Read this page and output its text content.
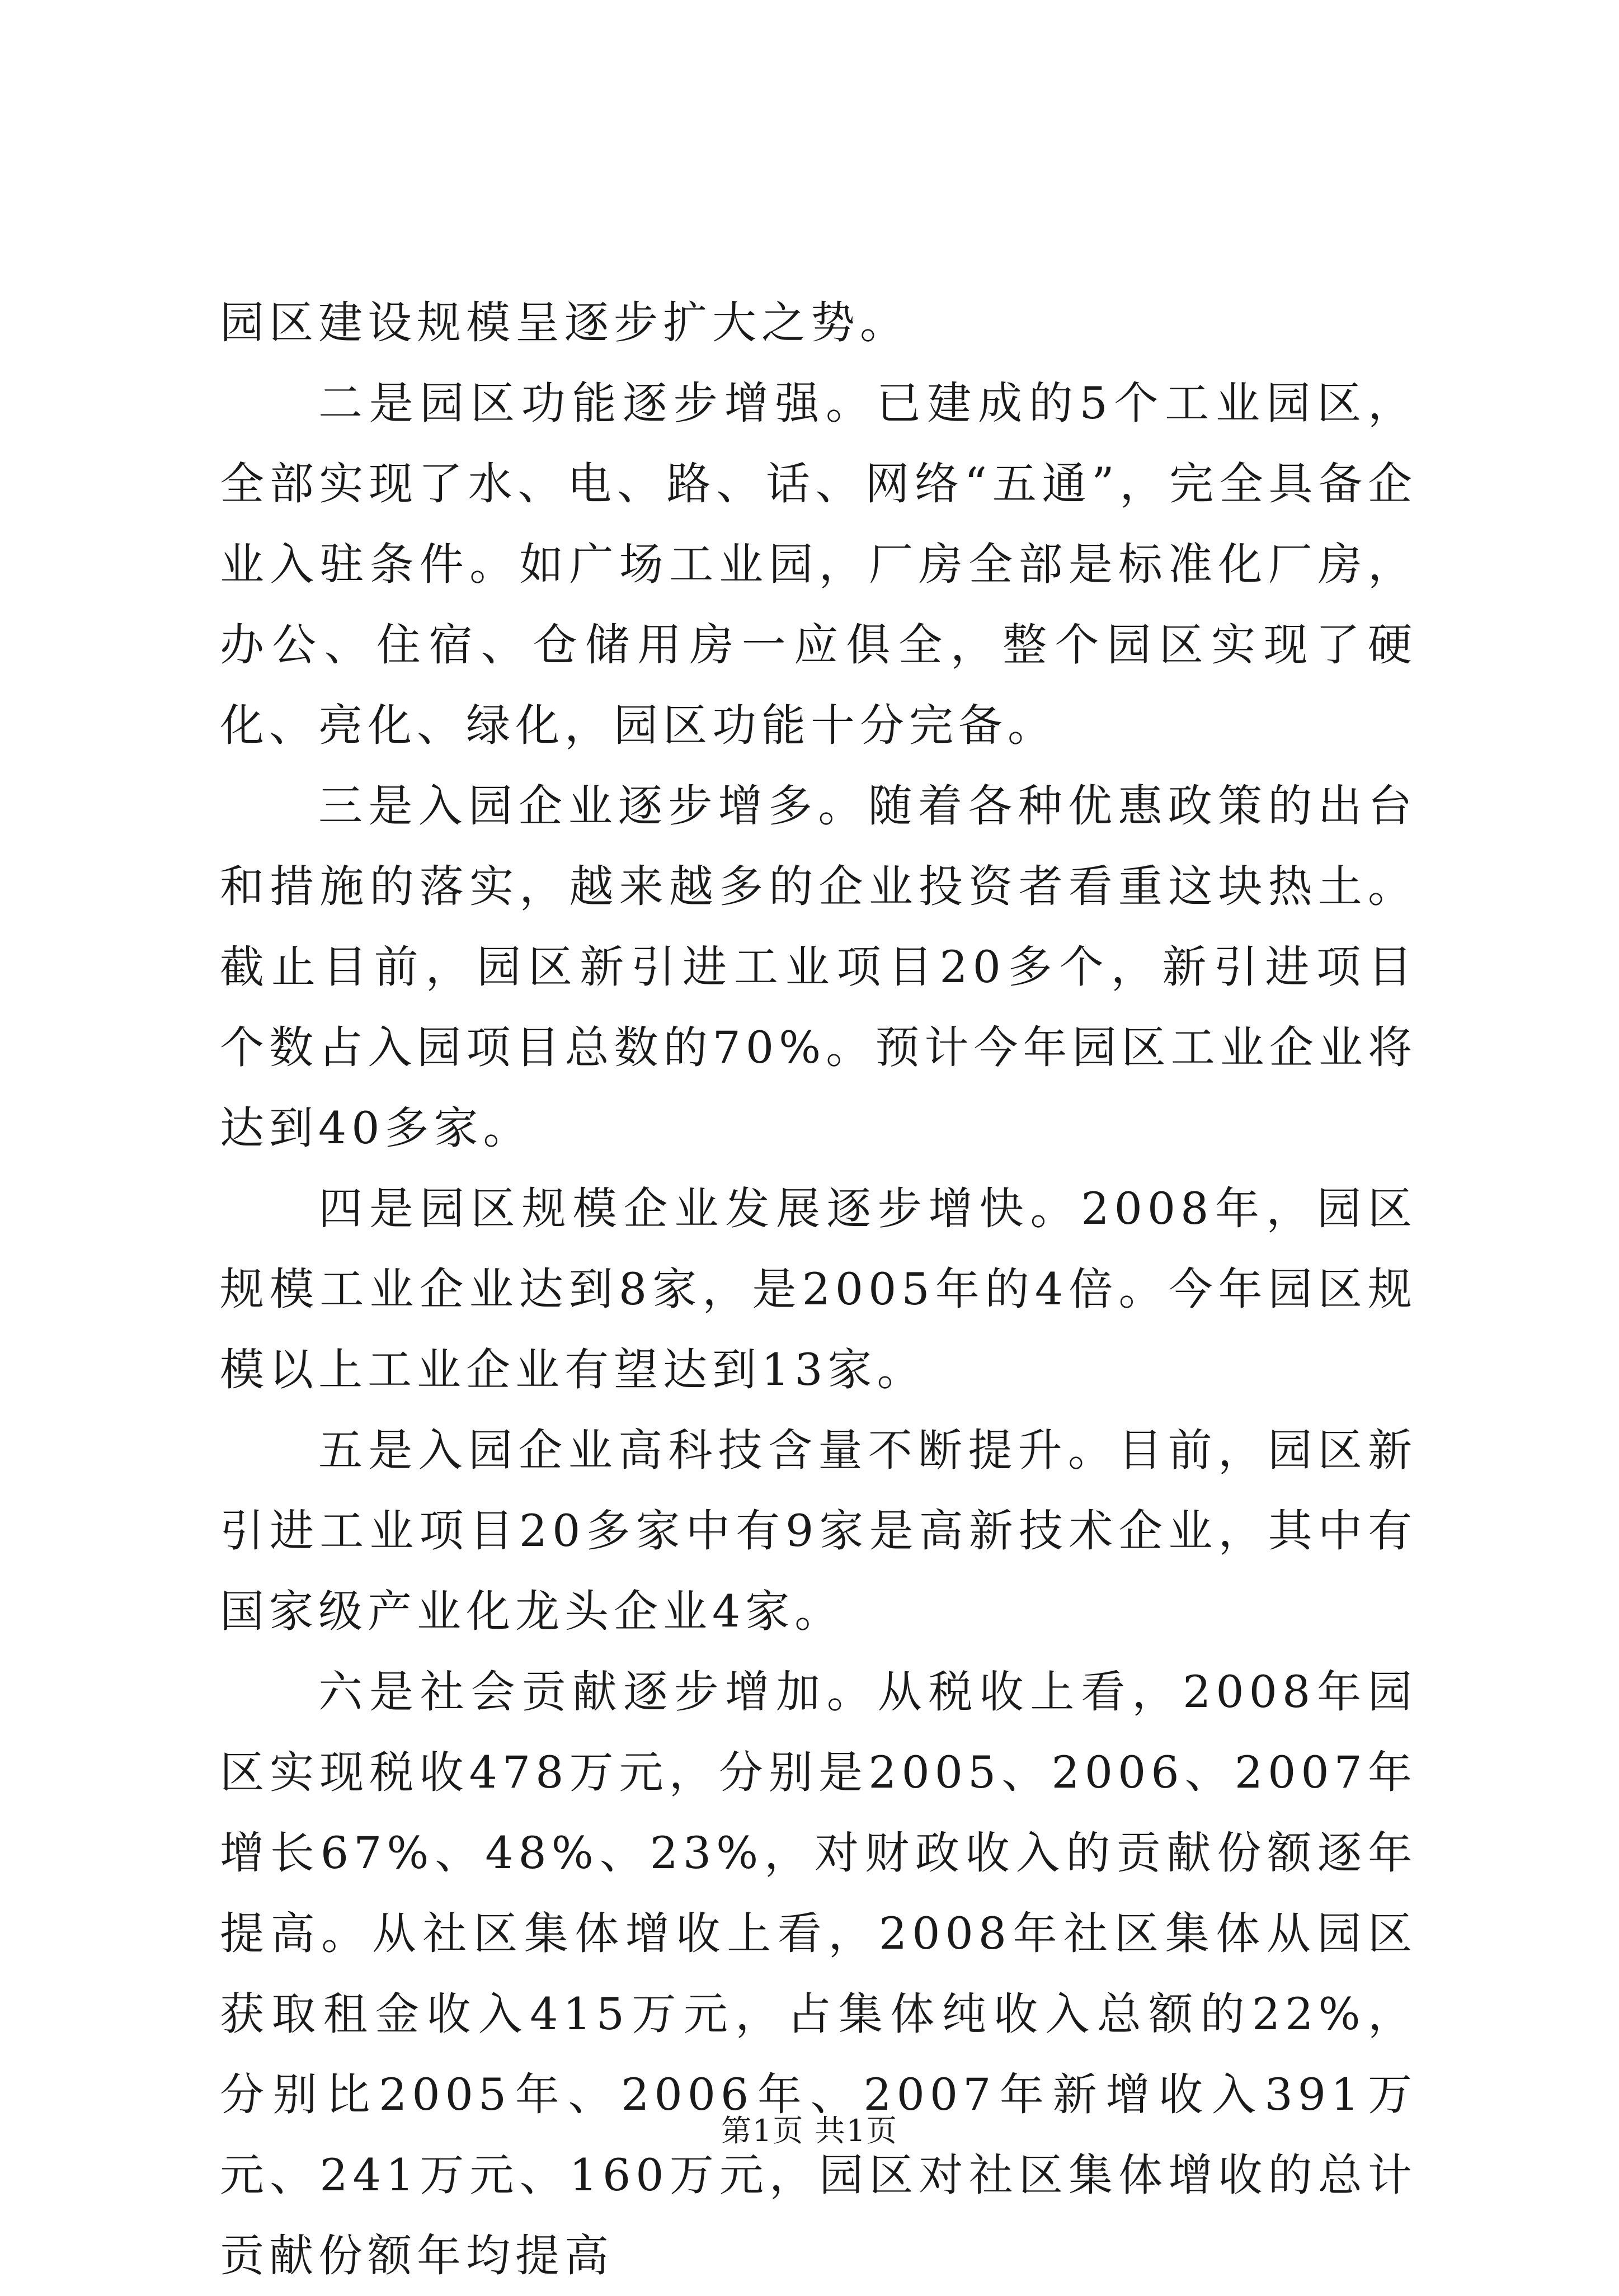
园区建设规模呈逐步扩大之势。

二是园区功能逐步增强。已建成的5个工业园区，全部实现了水、电、路、话、网络“五通”，完全具备企业入驻条件。如广场工业园，厂房全部是标准化厂房，办公、住宿、仓储用房一应俱全，整个园区实现了硬化、亮化、绿化，园区功能十分完备。

三是入园企业逐步增多。随着各种优惠政策的出台和措施的落实，越来越多的企业投资者看重这块热土。截止目前，园区新引进工业项目20多个，新引进项目个数占入园项目总数的70%。预计今年园区工业企业将达到40多家。

四是园区规模企业发展逐步增快。2008年，园区规模工业企业达到8家，是2005年的4倍。今年园区规模以上工业企业有望达到13家。

五是入园企业高科技含量不断提升。目前，园区新引进工业项目20多家中有9家是高新技术企业，其中有国家级产业化龙头企业4家。

六是社会贡献逐步增加。从税收上看，2008年园区实现税收478万元，分别是2005、2006、2007年增长67%、48%、23%，对财政收入的贡献份额逐年提高。从社区集体增收上看，2008年社区集体从园区获取租金收入415万元，占集体纯收入总额的22%，分别比2005年、2006年、2007年新增收入391万元、241万元、160万元，园区对社区集体增收的总计贡献份额年均提高

第1页 共1页
